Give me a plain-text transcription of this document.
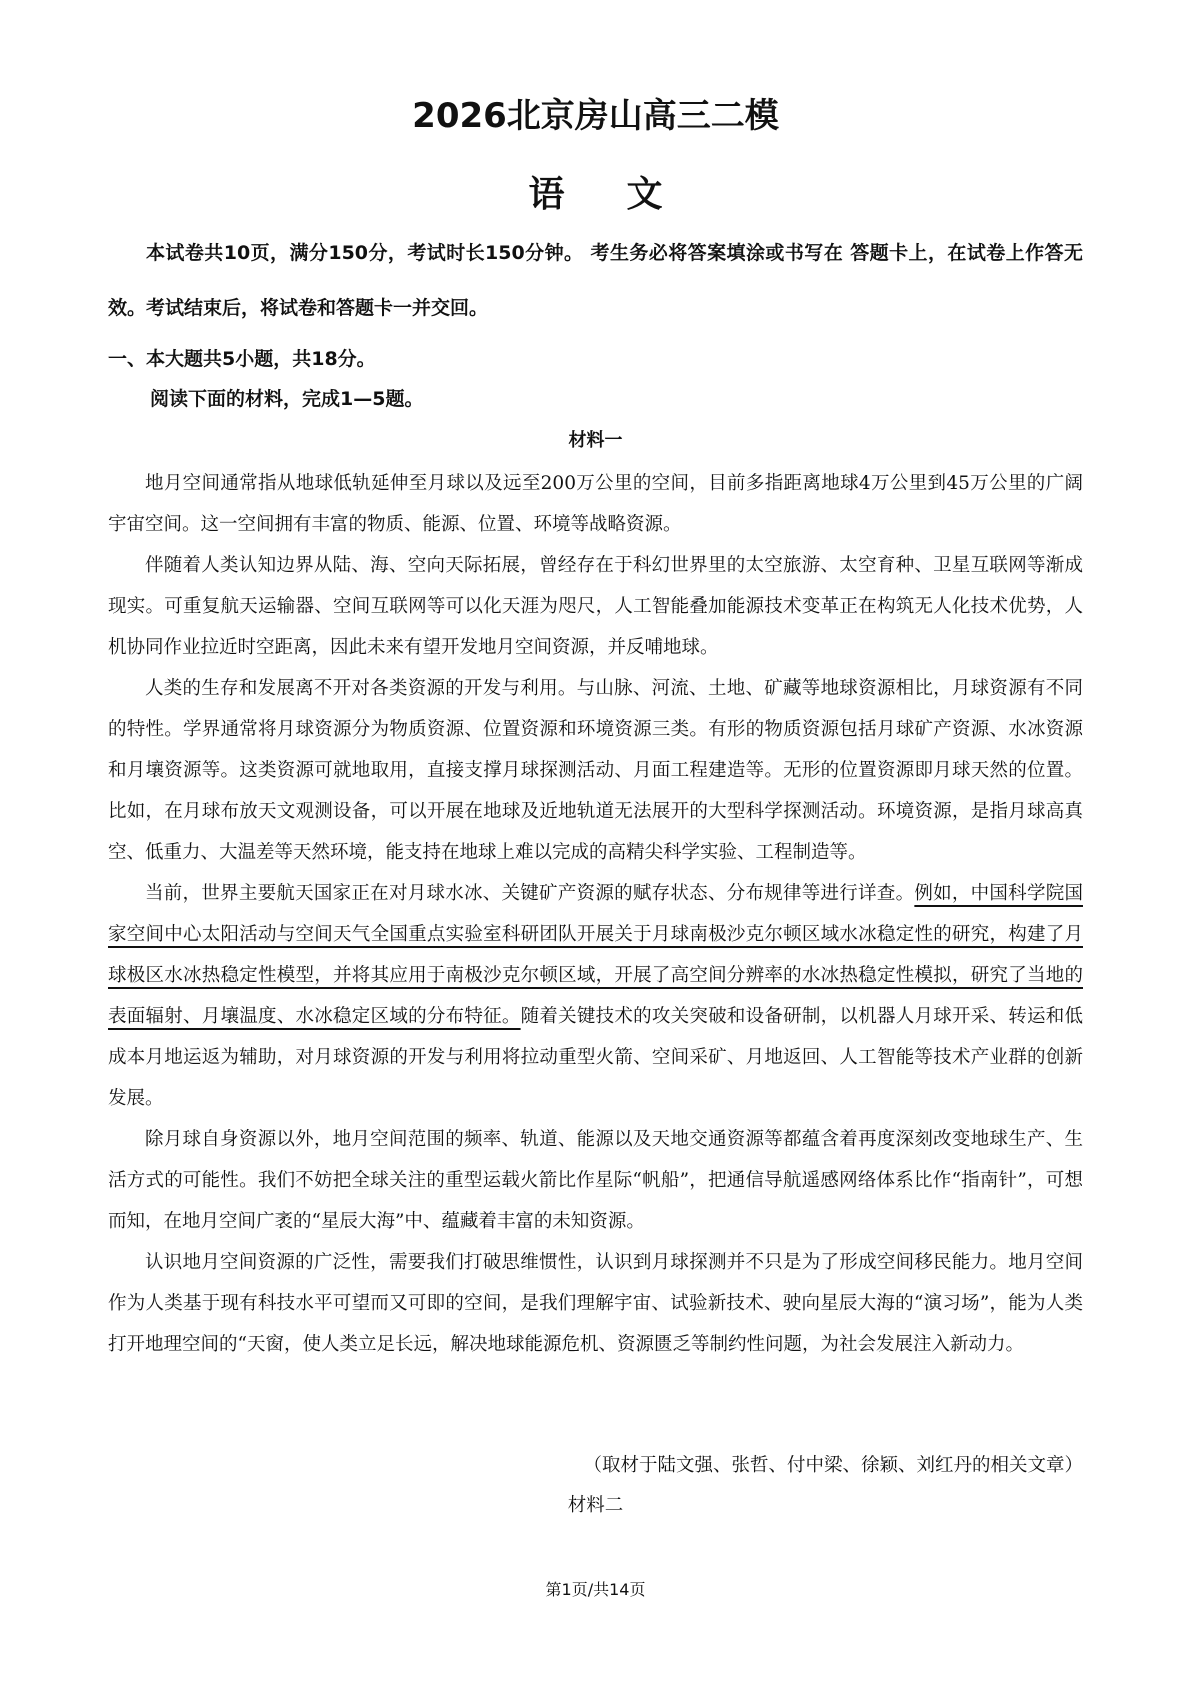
2026北京房山高三二模
语文

本试卷共10页，满分150分，考试时长150分钟。 考生务必将答案填涂或书写在 答题卡上，在试卷上作答无效。考试结束后，将试卷和答题卡一并交回。

一、本大题共5小题，共18分。

阅读下面的材料，完成1—5题。

材料一

地月空间通常指从地球低轨延伸至月球以及远至200万公里的空间，目前多指距离地球4万公里到45万公里的广阔宇宙空间。这一空间拥有丰富的物质、能源、位置、环境等战略资源。

伴随着人类认知边界从陆、海、空向天际拓展，曾经存在于科幻世界里的太空旅游、太空育种、卫星互联网等渐成现实。可重复航天运输器、空间互联网等可以化天涯为咫尺，人工智能叠加能源技术变革正在构筑无人化技术优势，人机协同作业拉近时空距离，因此未来有望开发地月空间资源，并反哺地球。

人类的生存和发展离不开对各类资源的开发与利用。与山脉、河流、土地、矿藏等地球资源相比，月球资源有不同的特性。学界通常将月球资源分为物质资源、位置资源和环境资源三类。有形的物质资源包括月球矿产资源、水冰资源和月壤资源等。这类资源可就地取用，直接支撑月球探测活动、月面工程建造等。无形的位置资源即月球天然的位置。比如，在月球布放天文观测设备，可以开展在地球及近地轨道无法展开的大型科学探测活动。环境资源，是指月球高真空、低重力、大温差等天然环境，能支持在地球上难以完成的高精尖科学实验、工程制造等。

当前，世界主要航天国家正在对月球水冰、关键矿产资源的赋存状态、分布规律等进行详查。例如，中国科学院国家空间中心太阳活动与空间天气全国重点实验室科研团队开展关于月球南极沙克尔顿区域水冰稳定性的研究，构建了月球极区水冰热稳定性模型，并将其应用于南极沙克尔顿区域，开展了高空间分辨率的水冰热稳定性模拟，研究了当地的表面辐射、月壤温度、水冰稳定区域的分布特征。随着关键技术的攻关突破和设备研制，以机器人月球开采、转运和低成本月地运返为辅助，对月球资源的开发与利用将拉动重型火箭、空间采矿、月地返回、人工智能等技术产业群的创新发展。

除月球自身资源以外，地月空间范围的频率、轨道、能源以及天地交通资源等都蕴含着再度深刻改变地球生产、生活方式的可能性。我们不妨把全球关注的重型运载火箭比作星际“帆船”，把通信导航遥感网络体系比作“指南针”，可想而知，在地月空间广袤的“星辰大海”中、蕴藏着丰富的未知资源。

认识地月空间资源的广泛性，需要我们打破思维惯性，认识到月球探测并不只是为了形成空间移民能力。地月空间作为人类基于现有科技水平可望而又可即的空间，是我们理解宇宙、试验新技术、驶向星辰大海的“演习场”，能为人类打开地理空间的“天窗，使人类立足长远，解决地球能源危机、资源匮乏等制约性问题，为社会发展注入新动力。

（取材于陆文强、张哲、付中梁、徐颖、刘红丹的相关文章）

材料二

第1页/共14页
